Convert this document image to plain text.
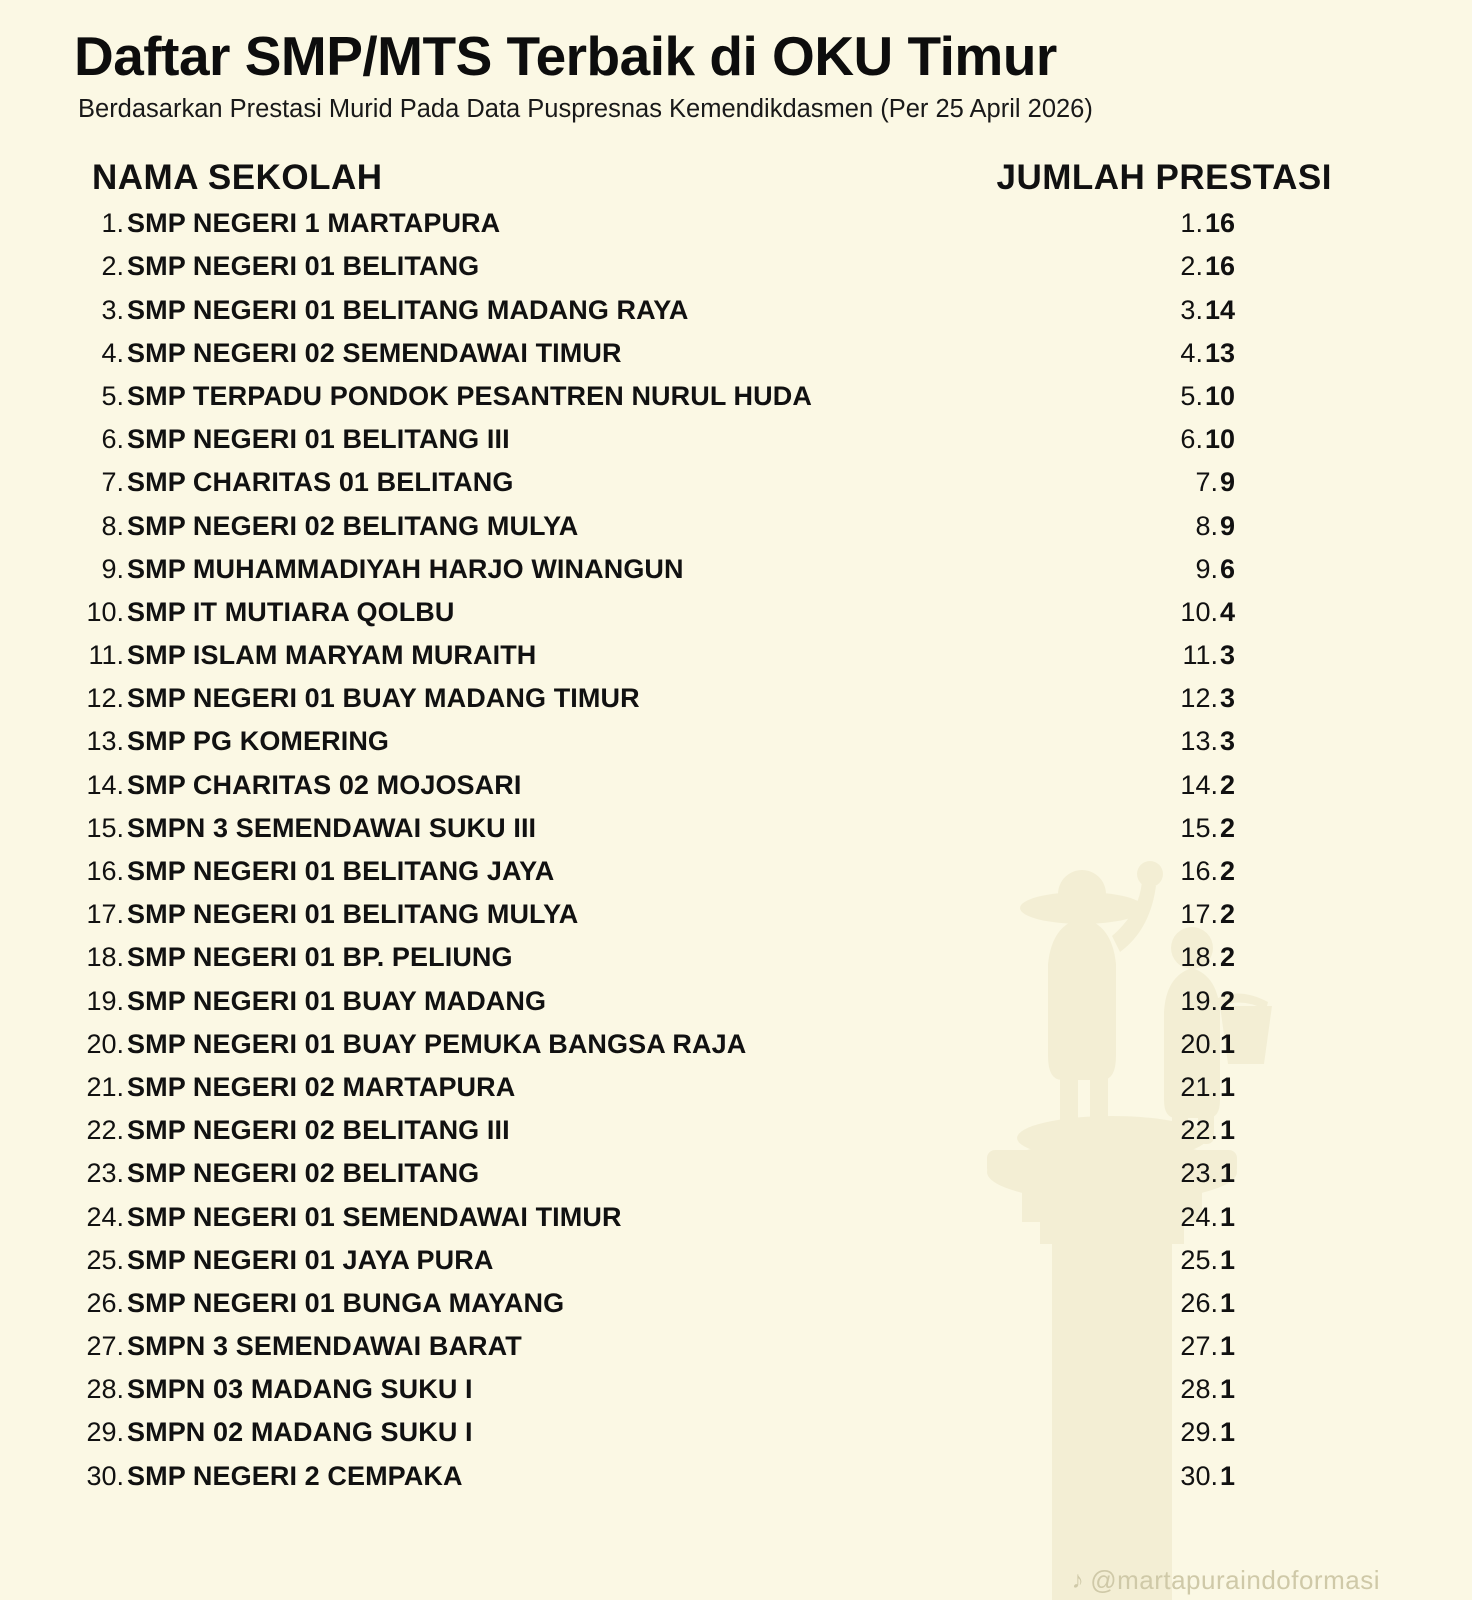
Daftar SMP/MTS Terbaik di OKU Timur
Berdasarkan Prestasi Murid Pada Data Puspresnas Kemendikdasmen (Per 25 April 2026)
NAMA SEKOLAH	JUMLAH PRESTASI
1. SMP NEGERI 1 MARTAPURA	1. 16
2. SMP NEGERI 01 BELITANG	2. 16
3. SMP NEGERI 01 BELITANG MADANG RAYA	3. 14
4. SMP NEGERI 02 SEMENDAWAI TIMUR	4. 13
5. SMP TERPADU PONDOK PESANTREN NURUL HUDA	5. 10
6. SMP NEGERI 01 BELITANG III	6. 10
7. SMP CHARITAS 01 BELITANG	7. 9
8. SMP NEGERI 02 BELITANG MULYA	8. 9
9. SMP MUHAMMADIYAH HARJO WINANGUN	9. 6
10. SMP IT MUTIARA QOLBU	10. 4
11. SMP ISLAM MARYAM MURAITH	11. 3
12. SMP NEGERI 01 BUAY MADANG TIMUR	12. 3
13. SMP PG KOMERING	13. 3
14. SMP CHARITAS 02 MOJOSARI	14. 2
15. SMPN 3 SEMENDAWAI SUKU III	15. 2
16. SMP NEGERI 01 BELITANG JAYA	16. 2
17. SMP NEGERI 01 BELITANG MULYA	17. 2
18. SMP NEGERI 01 BP. PELIUNG	18. 2
19. SMP NEGERI 01 BUAY MADANG	19. 2
20. SMP NEGERI 01 BUAY PEMUKA BANGSA RAJA	20. 1
21. SMP NEGERI 02 MARTAPURA	21. 1
22. SMP NEGERI 02 BELITANG III	22. 1
23. SMP NEGERI 02 BELITANG	23. 1
24. SMP NEGERI 01 SEMENDAWAI TIMUR	24. 1
25. SMP NEGERI 01 JAYA PURA	25. 1
26. SMP NEGERI 01 BUNGA MAYANG	26. 1
27. SMPN 3 SEMENDAWAI BARAT	27. 1
28. SMPN 03 MADANG SUKU I	28. 1
29. SMPN 02 MADANG SUKU I	29. 1
30. SMP NEGERI 2 CEMPAKA	30. 1
♪ @martapuraindoformasi
